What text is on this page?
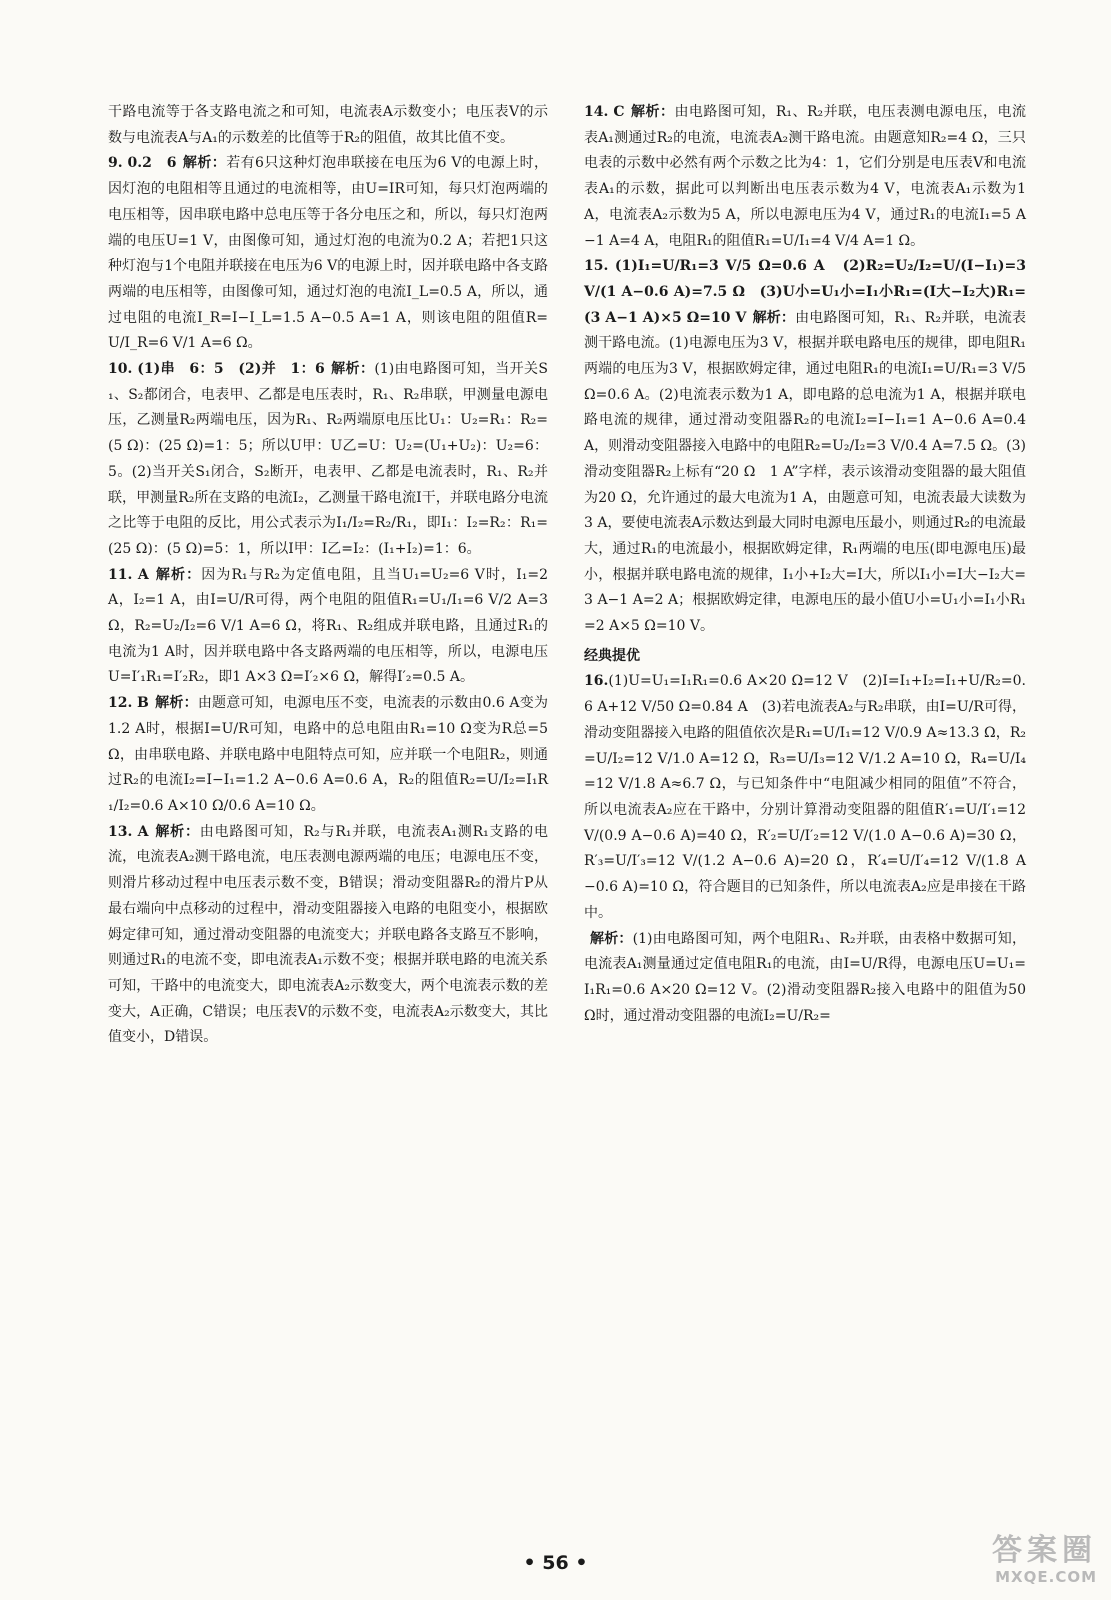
干路电流等于各支路电流之和可知，电流表A示数变小；电压表V的示数与电流表A与A₁的示数差的比值等于R₂的阻值，故其比值不变。

9. 0.2　6 解析：若有6只这种灯泡串联接在电压为6 V的电源上时，因灯泡的电阻相等且通过的电流相等，由U=IR可知，每只灯泡两端的电压相等，因串联电路中总电压等于各分电压之和，所以，每只灯泡两端的电压U=1 V，由图像可知，通过灯泡的电流为0.2 A；若把1只这种灯泡与1个电阻并联接在电压为6 V的电源上时，因并联电路中各支路两端的电压相等，由图像可知，通过灯泡的电流I_L=0.5 A，所以，通过电阻的电流I_R=I−I_L=1.5 A−0.5 A=1 A，则该电阻的阻值R=U/I_R=6 V/1 A=6 Ω。

10. (1)串　6：5　(2)并　1：6 解析：(1)由电路图可知，当开关S₁、S₂都闭合，电表甲、乙都是电压表时，R₁、R₂串联，甲测量电源电压，乙测量R₂两端电压，因为R₁、R₂两端原电压比U₁：U₂=R₁：R₂=(5 Ω)：(25 Ω)=1：5；所以U甲：U乙=U：U₂=(U₁+U₂)：U₂=6：5。(2)当开关S₁闭合，S₂断开，电表甲、乙都是电流表时，R₁、R₂并联，甲测量R₂所在支路的电流I₂，乙测量干路电流I干，并联电路分电流之比等于电阻的反比，用公式表示为I₁/I₂=R₂/R₁，即I₁：I₂=R₂：R₁=(25 Ω)：(5 Ω)=5：1，所以I甲：I乙=I₂：(I₁+I₂)=1：6。

11. A 解析：因为R₁与R₂为定值电阻，且当U₁=U₂=6 V时，I₁=2 A，I₂=1 A，由I=U/R可得，两个电阻的阻值R₁=U₁/I₁=6 V/2 A=3 Ω，R₂=U₂/I₂=6 V/1 A=6 Ω，将R₁、R₂组成并联电路，且通过R₁的电流为1 A时，因并联电路中各支路两端的电压相等，所以，电源电压U=I′₁R₁=I′₂R₂，即1 A×3 Ω=I′₂×6 Ω，解得I′₂=0.5 A。

12. B 解析：由题意可知，电源电压不变，电流表的示数由0.6 A变为1.2 A时，根据I=U/R可知，电路中的总电阻由R₁=10 Ω变为R总=5 Ω，由串联电路、并联电路中电阻特点可知，应并联一个电阻R₂，则通过R₂的电流I₂=I−I₁=1.2 A−0.6 A=0.6 A，R₂的阻值R₂=U/I₂=I₁R₁/I₂=0.6 A×10 Ω/0.6 A=10 Ω。

13. A 解析：由电路图可知，R₂与R₁并联，电流表A₁测R₁支路的电流，电流表A₂测干路电流，电压表测电源两端的电压；电源电压不变，则滑片移动过程中电压表示数不变，B错误；滑动变阻器R₂的滑片P从最右端向中点移动的过程中，滑动变阻器接入电路的电阻变小，根据欧姆定律可知，通过滑动变阻器的电流变大；并联电路各支路互不影响，则通过R₁的电流不变，即电流表A₁示数不变；根据并联电路的电流关系可知，干路中的电流变大，即电流表A₂示数变大，两个电流表示数的差变大，A正确，C错误；电压表V的示数不变，电流表A₂示数变大，其比值变小，D错误。

14. C 解析：由电路图可知，R₁、R₂并联，电压表测电源电压，电流表A₁测通过R₂的电流，电流表A₂测干路电流。由题意知R₂=4 Ω，三只电表的示数中必然有两个示数之比为4：1，它们分别是电压表V和电流表A₁的示数，据此可以判断出电压表示数为4 V，电流表A₁示数为1 A，电流表A₂示数为5 A，所以电源电压为4 V，通过R₁的电流I₁=5 A−1 A=4 A，电阻R₁的阻值R₁=U/I₁=4 V/4 A=1 Ω。

15. (1)I₁=U/R₁=3 V/5 Ω=0.6 A　(2)R₂=U₂/I₂=U/(I−I₁)=3 V/(1 A−0.6 A)=7.5 Ω　(3)U小=U₁小=I₁小R₁=(I大−I₂大)R₁=(3 A−1 A)×5 Ω=10 V 解析：由电路图可知，R₁、R₂并联，电流表测干路电流。(1)电源电压为3 V，根据并联电路电压的规律，即电阻R₁两端的电压为3 V，根据欧姆定律，通过电阻R₁的电流I₁=U/R₁=3 V/5 Ω=0.6 A。(2)电流表示数为1 A，即电路的总电流为1 A，根据并联电路电流的规律，通过滑动变阻器R₂的电流I₂=I−I₁=1 A−0.6 A=0.4 A，则滑动变阻器接入电路中的电阻R₂=U₂/I₂=3 V/0.4 A=7.5 Ω。(3)滑动变阻器R₂上标有“20 Ω　1 A”字样，表示该滑动变阻器的最大阻值为20 Ω，允许通过的最大电流为1 A，由题意可知，电流表最大读数为3 A，要使电流表A示数达到最大同时电源电压最小，则通过R₂的电流最大，通过R₁的电流最小，根据欧姆定律，R₁两端的电压(即电源电压)最小，根据并联电路电流的规律，I₁小+I₂大=I大，所以I₁小=I大−I₂大=3 A−1 A=2 A；根据欧姆定律，电源电压的最小值U小=U₁小=I₁小R₁=2 A×5 Ω=10 V。

经典提优

16.(1)U=U₁=I₁R₁=0.6 A×20 Ω=12 V　(2)I=I₁+I₂=I₁+U/R₂=0.6 A+12 V/50 Ω=0.84 A　(3)若电流表A₂与R₂串联，由I=U/R可得，滑动变阻器接入电路的阻值依次是R₁=U/I₁=12 V/0.9 A≈13.3 Ω，R₂=U/I₂=12 V/1.0 A=12 Ω，R₃=U/I₃=12 V/1.2 A=10 Ω，R₄=U/I₄=12 V/1.8 A≈6.7 Ω，与已知条件中“电阻减少相同的阻值”不符合，所以电流表A₂应在干路中，分别计算滑动变阻器的阻值R′₁=U/I′₁=12 V/(0.9 A−0.6 A)=40 Ω，R′₂=U/I′₂=12 V/(1.0 A−0.6 A)=30 Ω，R′₃=U/I′₃=12 V/(1.2 A−0.6 A)=20 Ω，R′₄=U/I′₄=12 V/(1.8 A−0.6 A)=10 Ω，符合题目的已知条件，所以电流表A₂应是串接在干路中。

解析：(1)由电路图可知，两个电阻R₁、R₂并联，由表格中数据可知，电流表A₁测量通过定值电阻R₁的电流，由I=U/R得，电源电压U=U₁=I₁R₁=0.6 A×20 Ω=12 V。(2)滑动变阻器R₂接入电路中的阻值为50 Ω时，通过滑动变阻器的电流I₂=U/R₂=

• 56 •	答案圈
MXQE.COM
